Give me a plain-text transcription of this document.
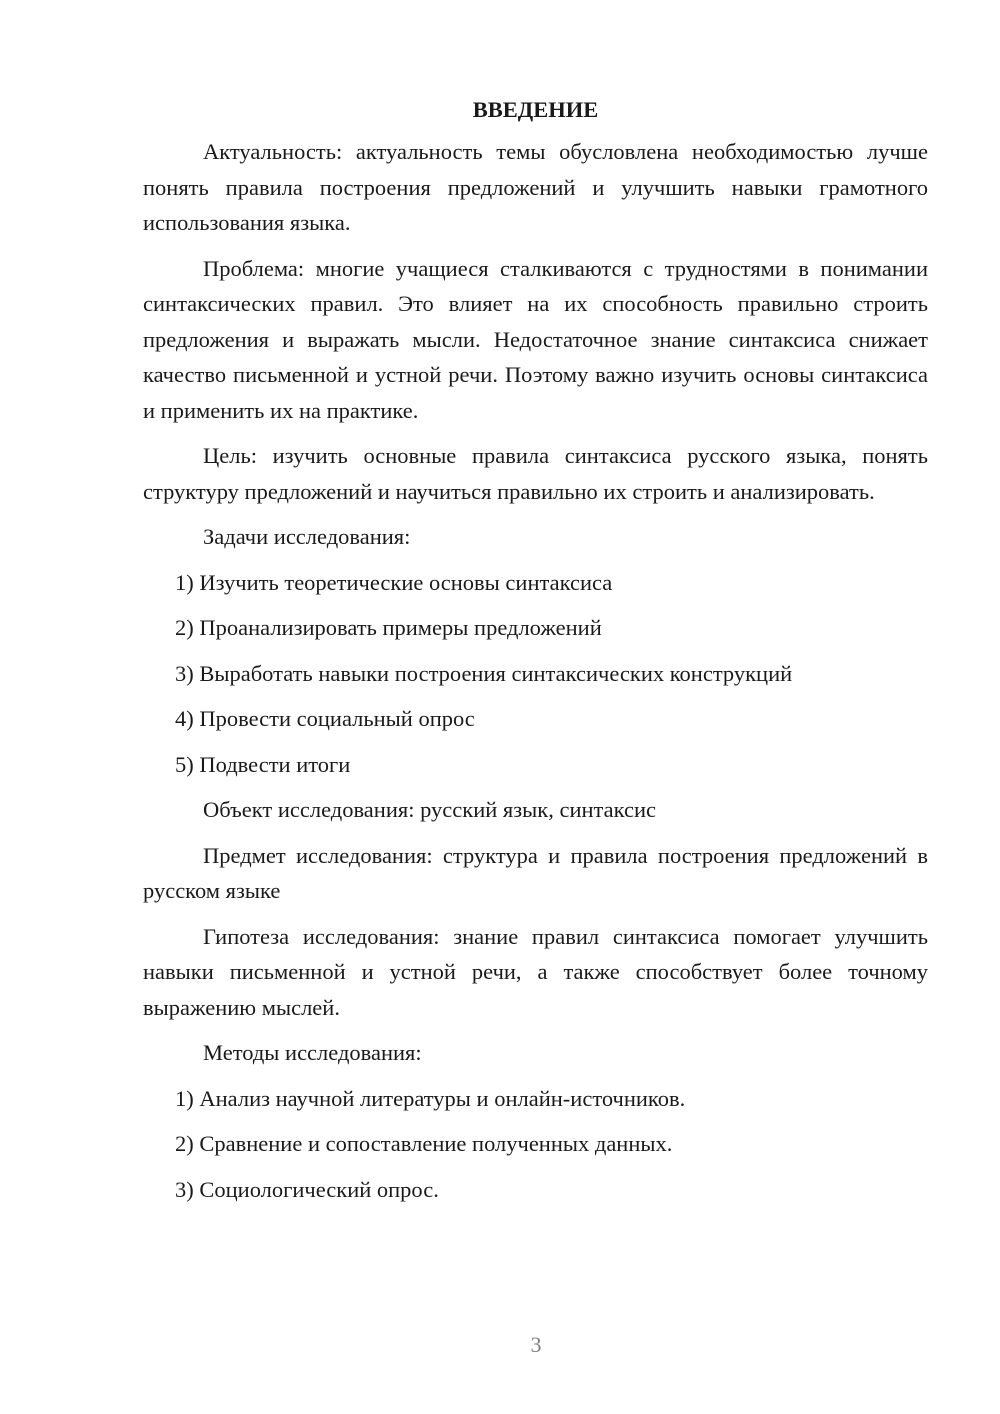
ВВЕДЕНИЕ

Актуальность: актуальность темы обусловлена необходимостью лучше понять правила построения предложений и улучшить навыки грамотного использования языка.

Проблема: многие учащиеся сталкиваются с трудностями в понимании синтаксических правил. Это влияет на их способность правильно строить предложения и выражать мысли. Недостаточное знание синтаксиса снижает качество письменной и устной речи. Поэтому важно изучить основы синтаксиса и применить их на практике.

Цель: изучить основные правила синтаксиса русского языка, понять структуру предложений и научиться правильно их строить и анализировать.

Задачи исследования:

1) Изучить теоретические основы синтаксиса
2) Проанализировать примеры предложений
3) Выработать навыки построения синтаксических конструкций
4) Провести социальный опрос
5) Подвести итоги

Объект исследования: русский язык, синтаксис

Предмет исследования: структура и правила построения предложений в русском языке

Гипотеза исследования: знание правил синтаксиса помогает улучшить навыки письменной и устной речи, а также способствует более точному выражению мыслей.

Методы исследования:

1) Анализ научной литературы и онлайн-источников.
2) Сравнение и сопоставление полученных данных.
3) Социологический опрос.
3
